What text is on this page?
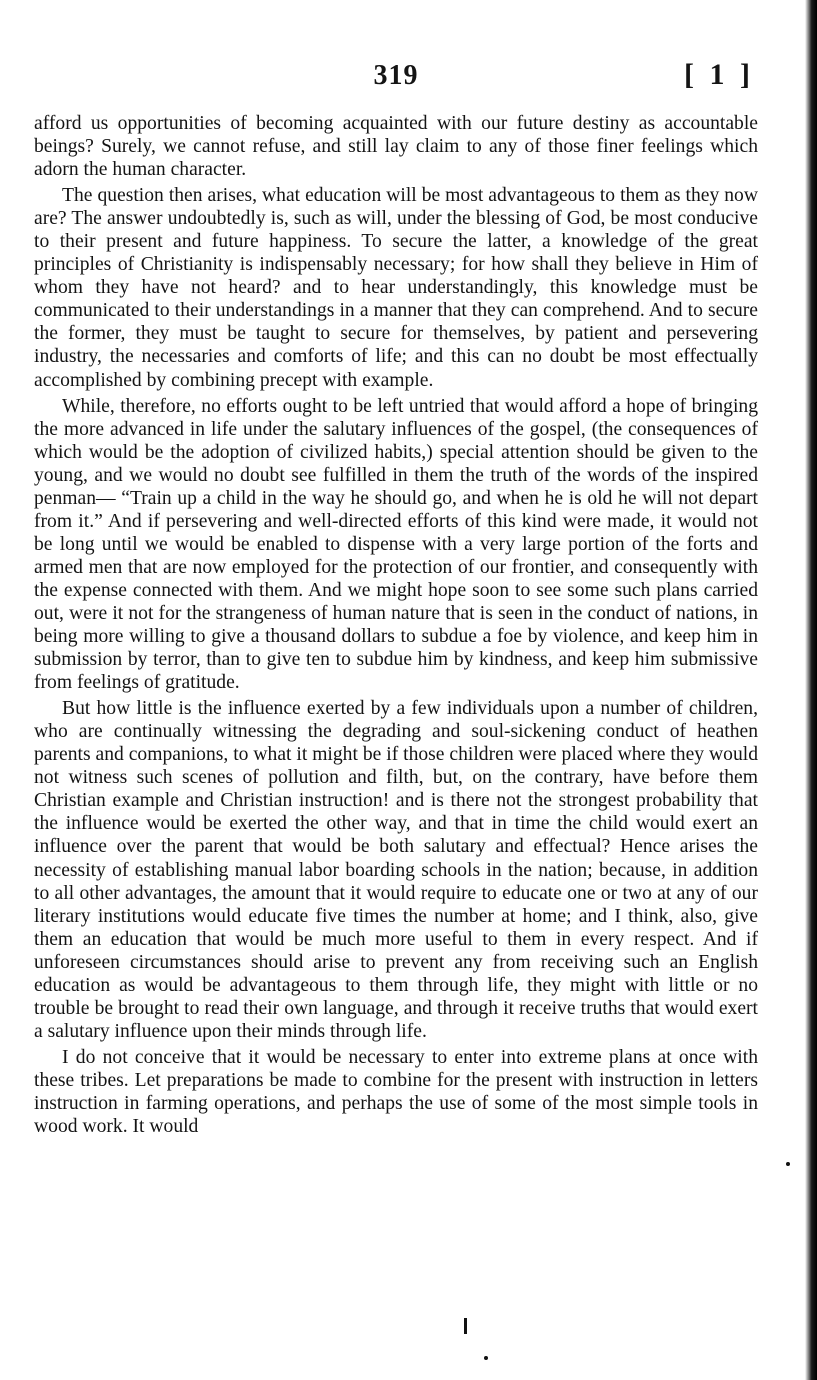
319	[ 1 ]

afford us opportunities of becoming acquainted with our future destiny as accountable beings? Surely, we cannot refuse, and still lay claim to any of those finer feelings which adorn the human character.

The question then arises, what education will be most advantageous to them as they now are? The answer undoubtedly is, such as will, under the blessing of God, be most conducive to their present and future happiness. To secure the latter, a knowledge of the great principles of Christianity is indispensably necessary; for how shall they believe in Him of whom they have not heard? and to hear understandingly, this knowledge must be communicated to their understandings in a manner that they can comprehend. And to secure the former, they must be taught to secure for themselves, by patient and persevering industry, the necessaries and comforts of life; and this can no doubt be most effectually accomplished by combining precept with example.

While, therefore, no efforts ought to be left untried that would afford a hope of bringing the more advanced in life under the salutary influences of the gospel, (the consequences of which would be the adoption of civilized habits,) special attention should be given to the young, and we would no doubt see fulfilled in them the truth of the words of the inspired penman— “Train up a child in the way he should go, and when he is old he will not depart from it.” And if persevering and well-directed efforts of this kind were made, it would not be long until we would be enabled to dispense with a very large portion of the forts and armed men that are now employed for the protection of our frontier, and consequently with the expense connected with them. And we might hope soon to see some such plans carried out, were it not for the strangeness of human nature that is seen in the conduct of nations, in being more willing to give a thousand dollars to subdue a foe by violence, and keep him in submission by terror, than to give ten to subdue him by kindness, and keep him submissive from feelings of gratitude.

But how little is the influence exerted by a few individuals upon a number of children, who are continually witnessing the degrading and soul-sickening conduct of heathen parents and companions, to what it might be if those children were placed where they would not witness such scenes of pollution and filth, but, on the contrary, have before them Christian example and Christian instruction! and is there not the strongest probability that the influence would be exerted the other way, and that in time the child would exert an influence over the parent that would be both salutary and effectual? Hence arises the necessity of establishing manual labor boarding schools in the nation; because, in addition to all other advantages, the amount that it would require to educate one or two at any of our literary institutions would educate five times the number at home; and I think, also, give them an education that would be much more useful to them in every respect. And if unforeseen circumstances should arise to prevent any from receiving such an English education as would be advantageous to them through life, they might with little or no trouble be brought to read their own language, and through it receive truths that would exert a salutary influence upon their minds through life.

I do not conceive that it would be necessary to enter into extreme plans at once with these tribes. Let preparations be made to combine for the present with instruction in letters instruction in farming operations, and perhaps the use of some of the most simple tools in wood work. It would
